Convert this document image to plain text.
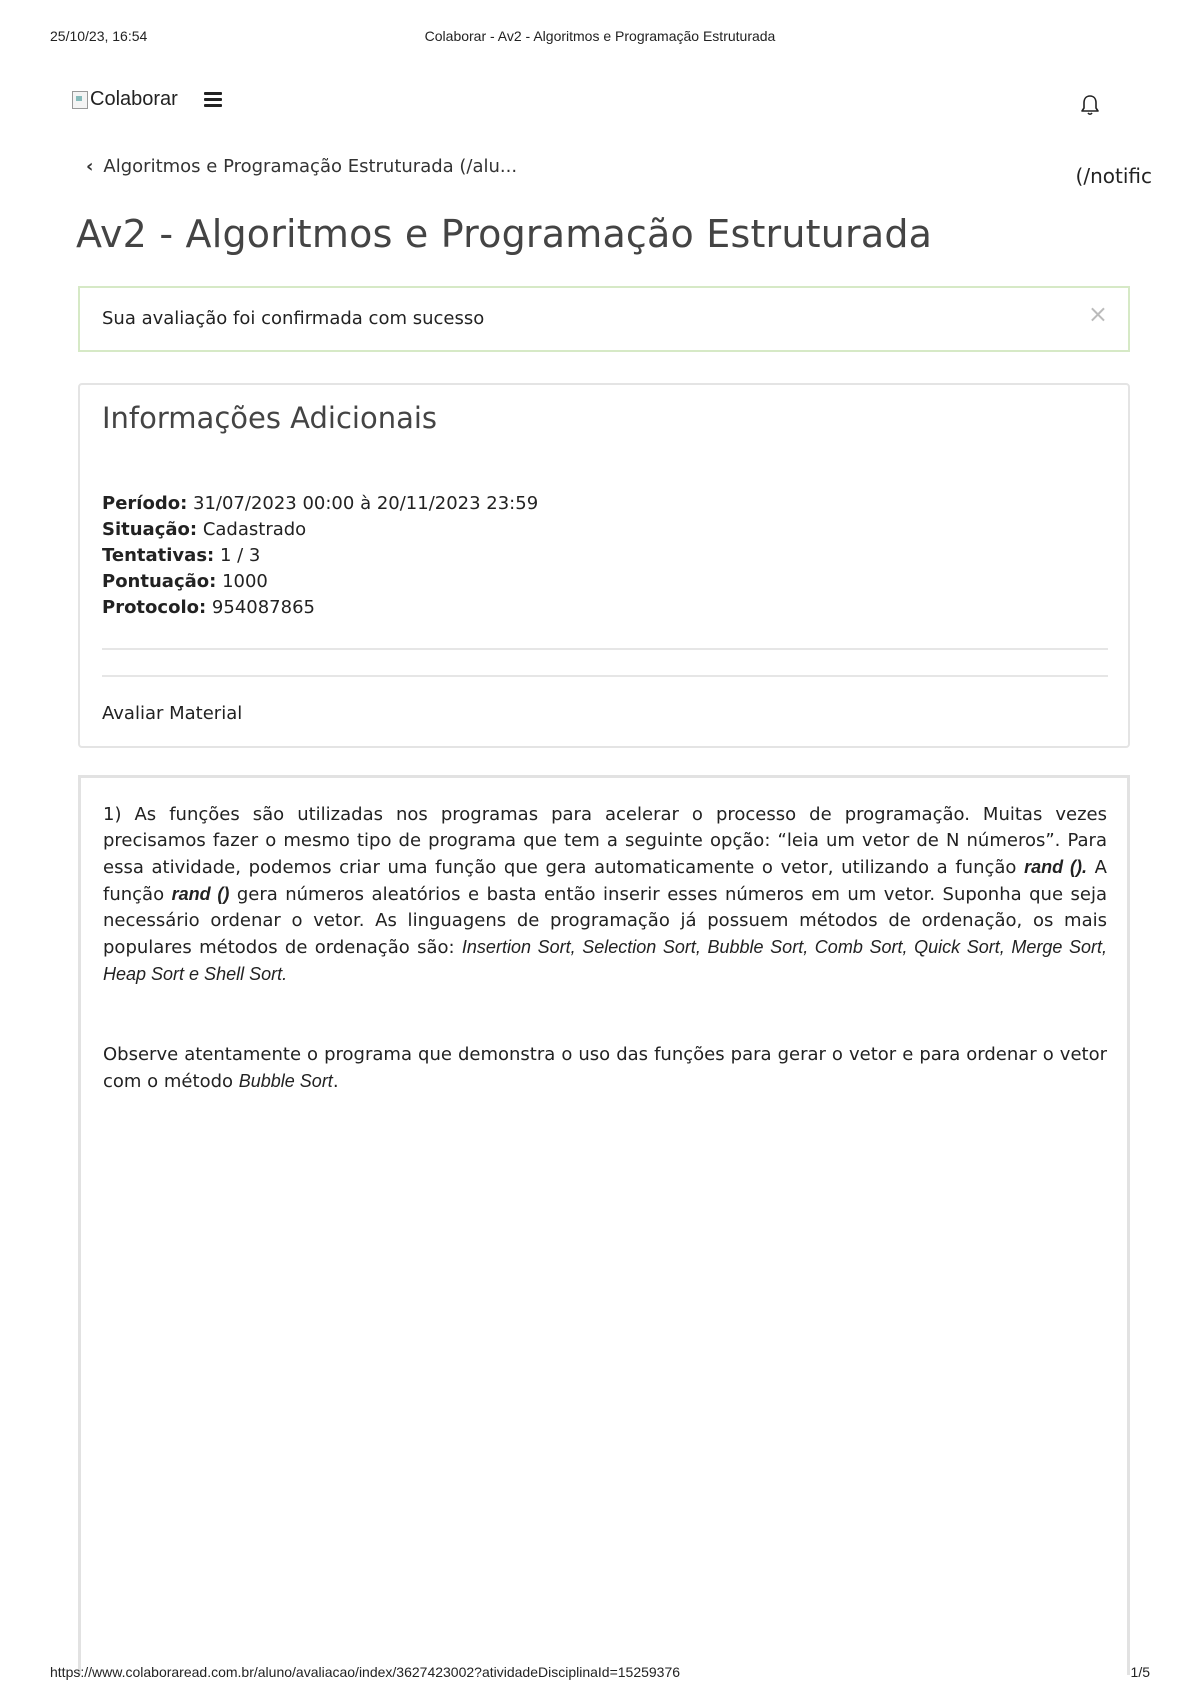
25/10/23, 16:54	Colaborar - Av2 - Algoritmos e Programação Estruturada
Colaborar
‹ Algoritmos e Programação Estruturada (/alu...	(/notific
Av2 - Algoritmos e Programação Estruturada
Sua avaliação foi confirmada com sucesso	×
Informações Adicionais
Período: 31/07/2023 00:00 à 20/11/2023 23:59
Situação: Cadastrado
Tentativas: 1 / 3
Pontuação: 1000
Protocolo: 954087865
Avaliar Material

1) As funções são utilizadas nos programas para acelerar o processo de programação. Muitas vezes precisamos fazer o mesmo tipo de programa que tem a seguinte opção: “leia um vetor de N números”. Para essa atividade, podemos criar uma função que gera automaticamente o vetor, utilizando a função rand (). A função rand () gera números aleatórios e basta então inserir esses números em um vetor. Suponha que seja necessário ordenar o vetor. As linguagens de programação já possuem métodos de ordenação, os mais populares métodos de ordenação são: Insertion Sort, Selection Sort, Bubble Sort, Comb Sort, Quick Sort, Merge Sort, Heap Sort e Shell Sort.

Observe atentamente o programa que demonstra o uso das funções para gerar o vetor e para ordenar o vetor com o método Bubble Sort.

https://www.colaboraread.com.br/aluno/avaliacao/index/3627423002?atividadeDisciplinaId=15259376	1/5
